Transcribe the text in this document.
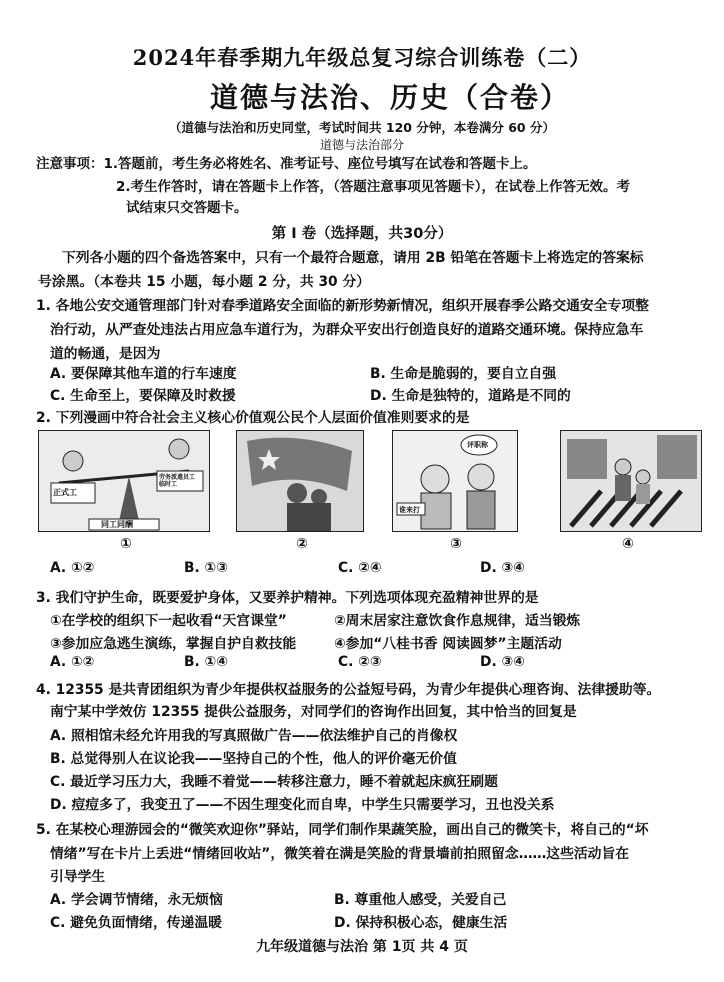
2024年春季期九年级总复习综合训练卷（二）
道德与法治、历史（合卷）
（道德与法治和历史同堂，考试时间共 120 分钟，本卷满分 60 分）
道德与法治部分
注意事项：1.答题前，考生务必将姓名、准考证号、座位号填写在试卷和答题卡上。
2.考生作答时，请在答题卡上作答，（答题注意事项见答题卡），在试卷上作答无效。考
试结束只交答题卡。
第 I 卷（选择题，共30分）
下列各小题的四个备选答案中，只有一个最符合题意，请用 2B 铅笔在答题卡上将选定的答案标
号涂黑。（本卷共 15 小题，每小题 2 分，共 30 分）
1. 各地公安交通管理部门针对春季道路安全面临的新形势新情况，组织开展春季公路交通安全专项整
治行动，从严查处违法占用应急车道行为，为群众平安出行创造良好的道路交通环境。保持应急车
道的畅通，是因为
A. 要保障其他车道的行车速度	B. 生命是脆弱的，要自立自强
C. 生命至上，要保障及时救援	D. 生命是独特的，道路是不同的
2. 下列漫画中符合社会主义核心价值观公民个人层面价值准则要求的是
正式工
劳务派遣员工 临时工
同工同酬
评职称
谁来打
①	②	③	④
A. ①②	B. ①③	C. ②④	D. ③④
3. 我们守护生命，既要爱护身体，又要养护精神。下列选项体现充盈精神世界的是
①在学校的组织下一起收看“天宫课堂”	②周末居家注意饮食作息规律，适当锻炼
③参加应急逃生演练，掌握自护自救技能	④参加“八桂书香 阅读圆梦”主题活动
A. ①②	B. ①④	C. ②③	D. ③④
4. 12355 是共青团组织为青少年提供权益服务的公益短号码，为青少年提供心理咨询、法律援助等。
南宁某中学效仿 12355 提供公益服务，对同学们的咨询作出回复，其中恰当的回复是
A. 照相馆未经允许用我的写真照做广告——依法维护自己的肖像权
B. 总觉得别人在议论我——坚持自己的个性，他人的评价毫无价值
C. 最近学习压力大，我睡不着觉——转移注意力，睡不着就起床疯狂刷题
D. 痘痘多了，我变丑了——不因生理变化而自卑，中学生只需要学习，丑也没关系
5. 在某校心理游园会的“微笑欢迎你”驿站，同学们制作果蔬笑脸，画出自己的微笑卡，将自己的“坏
情绪”写在卡片上丢进“情绪回收站”，微笑着在满是笑脸的背景墙前拍照留念……这些活动旨在
引导学生
A. 学会调节情绪，永无烦恼	B. 尊重他人感受，关爱自己
C. 避免负面情绪，传递温暖	D. 保持积极心态，健康生活
九年级道德与法治 第 1页 共 4 页
